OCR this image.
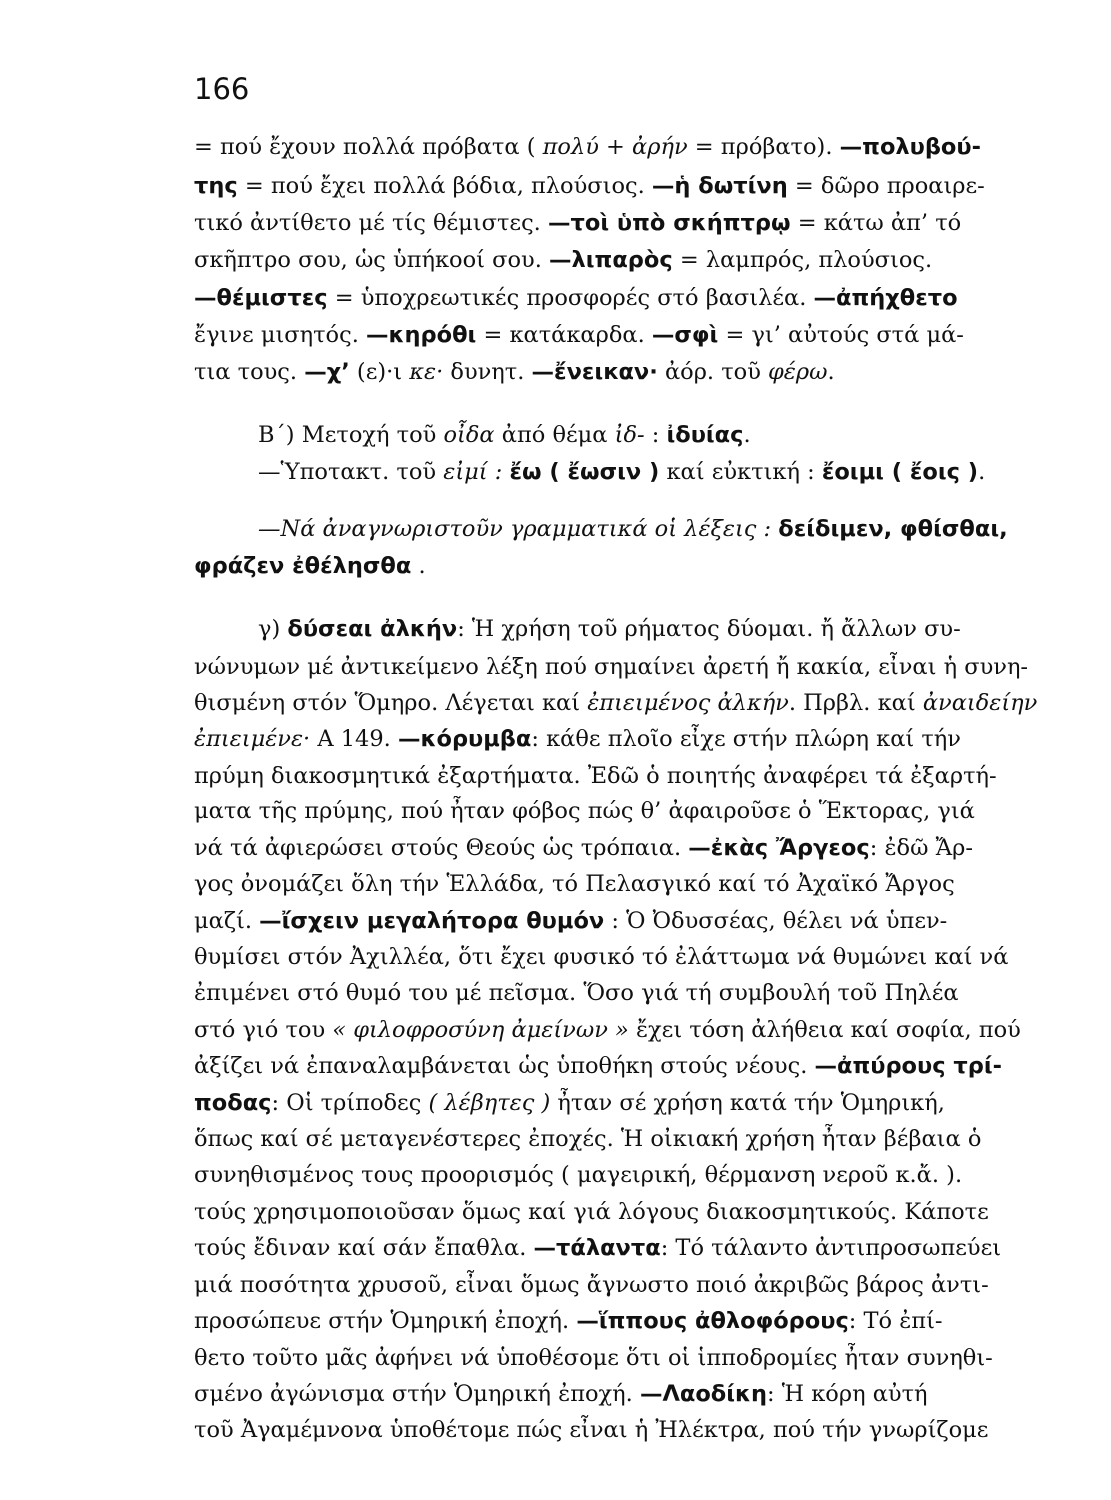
166
= πού ἔχουν πολλά πρόβατα ( πολύ + ἀρήν = πρόβατο). —πολυβού-
της = πού ἔχει πολλά βόδια, πλούσιος. —ἡ δωτίνη = δῶρο προαιρε-
τικό ἀντίθετο μέ τίς θέμιστες. —τοὶ ὑπὸ σκήπτρῳ = κάτω ἀπ’ τό
σκῆπτρο σου, ὡς ὑπήκοοί σου. —λιπαρὸς = λαμπρός, πλούσιος.
—θέμιστες = ὑποχρεωτικές προσφορές στό βασιλέα. —ἀπήχθετο
ἔγινε μισητός. —κηρόθι = κατάκαρδα. —σφὶ = γι’ αὐτούς στά μά-
τια τους. —χ’ (ε)·ι κε· δυνητ. —ἔνειкαν· ἀόρ. τοῦ φέρω.
Β΄) Μετοχή τοῦ οἶδα ἀπό θέμα ἰδ- : ἰδυίας.
—Ὑποτακτ. τοῦ εἰμί : ἔω ( ἔωσιν ) καί εὐκτική : ἔοιμι ( ἔοις ).
—Νά ἀναγνωριστοῦν γραμματικά οἱ λέξεις : δείδιμεν, φθίσθαι,
φράζεν ἐθέλησθα .
γ) δύσεαι ἀλκήν: Ἡ χρήση τοῦ ρήματος δύομαι. ἤ ἄλλων συ-
νώνυμων μέ ἀντικείμενο λέξη πού σημαίνει ἀρετή ἤ κακία, εἶναι ἡ συνη-
θισμένη στόν Ὅμηρο. Λέγεται καί ἐπιειμένος ἀλκήν. Πρβλ. καί ἀναιδείην
ἐπιειμένε· Α 149. —κόρυμβα: κάθε πλοῖο εἶχε στήν πλώρη καί τήν
πρύμη διακοσμητικά ἐξαρτήματα. Ἐδῶ ὁ ποιητής ἀναφέρει τά ἐξαρτή-
ματα τῆς πρύμης, πού ἦταν φόβος πώς θ’ ἀφαιροῦσε ὁ Ἕκτορας, γιά
νά τά ἀφιερώσει στούς Θεούς ὡς τρόπαια. —ἐκὰς Ἄργεος: ἐδῶ Ἄρ-
γος ὀνομάζει ὅλη τήν Ἑλλάδα, τό Πελασγικό καί τό Ἀχαϊκό Ἄργος
μαζί. —ἴσχειν μεγαλήτορα θυμόν : Ὁ Ὀδυσσέας, θέλει νά ὑπεν-
θυμίσει στόν Ἀχιλλέα, ὅτι ἔχει φυσικό τό ἐλάττωμα νά θυμώνει καί νά
ἐπιμένει στό θυμό του μέ πεῖσμα. Ὅσο γιά τή συμβουλή τοῦ Πηλέα
στό γιό του « φιλοφροσύνη ἀμείνων » ἔχει τόση ἀλήθεια καί σοφία, πού
ἀξίζει νά ἐπαναλαμβάνεται ὡς ὑποθήκη στούς νέους. —ἀπύρους τρί-
ποδας: Οἱ τρίποδες ( λέβητες ) ἦταν σέ χρήση κατά τήν Ὁμηρική,
ὅπως καί σέ μεταγενέστερες ἐποχές. Ἡ οἰκιακή χρήση ἦταν βέβαια ὁ
συνηθισμένος τους προορισμός ( μαγειρική, θέρμανση νεροῦ κ.ἄ. ).
τούς χρησιμοποιοῦσαν ὅμως καί γιά λόγους διακοσμητικούς. Κάποτε
τούς ἔδιναν καί σάν ἔπαθλα. —τάλαντα: Τό τάλαντο ἀντιπροσωπεύει
μιά ποσότητα χρυσοῦ, εἶναι ὅμως ἄγνωστο ποιό ἀκριβῶς βάρος ἀντι-
προσώπευε στήν Ὁμηρική ἐποχή. —ἵππους ἀθλοφόρους: Τό ἐπί-
θετο τοῦτο μᾶς ἀφήνει νά ὑποθέσομε ὅτι οἱ ἱπποδρομίες ἦταν συνηθι-
σμένο ἀγώνισμα στήν Ὁμηρική ἐποχή. —Λαοδίκη: Ἡ κόρη αὐτή
τοῦ Ἀγαμέμνονα ὑποθέτομε πώς εἶναι ἡ Ἠλέκτρα, πού τήν γνωρίζομε
